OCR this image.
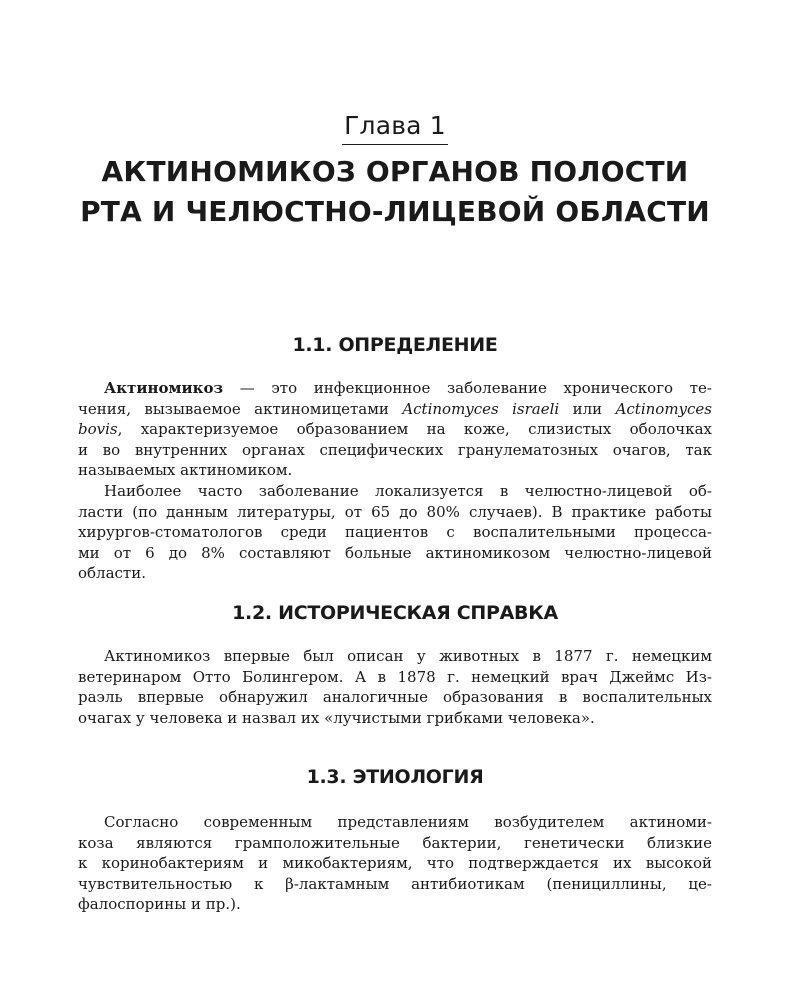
Глава 1
АКТИНОМИКОЗ ОРГАНОВ ПОЛОСТИ
РТА И ЧЕЛЮСТНО-ЛИЦЕВОЙ ОБЛАСТИ
1.1. ОПРЕДЕЛЕНИЕ
Актиномикоз — это инфекционное заболевание хронического те-
чения, вызываемое актиномицетами Actinomyces israeli или Actinomyces
bovis, характеризуемое образованием на коже, слизистых оболочках
и во внутренних органах специфических гранулематозных очагов, так
называемых актиномиком.
Наиболее часто заболевание локализуется в челюстно-лицевой об-
ласти (по данным литературы, от 65 до 80% случаев). В практике работы
хирургов-стоматологов среди пациентов с воспалительными процесса-
ми от 6 до 8% составляют больные актиномикозом челюстно-лицевой
области.
1.2. ИСТОРИЧЕСКАЯ СПРАВКА
Актиномикоз впервые был описан у животных в 1877 г. немецким
ветеринаром Отто Болингером. А в 1878 г. немецкий врач Джеймс Из-
раэль впервые обнаружил аналогичные образования в воспалительных
очагах у человека и назвал их «лучистыми грибками человека».
1.3. ЭТИОЛОГИЯ
Согласно современным представлениям возбудителем актиноми-
коза являются грамположительные бактерии, генетически близкие
к коринобактериям и микобактериям, что подтверждается их высокой
чувствительностью к β-лактамным антибиотикам (пенициллины, це-
фалоспорины и пр.).
